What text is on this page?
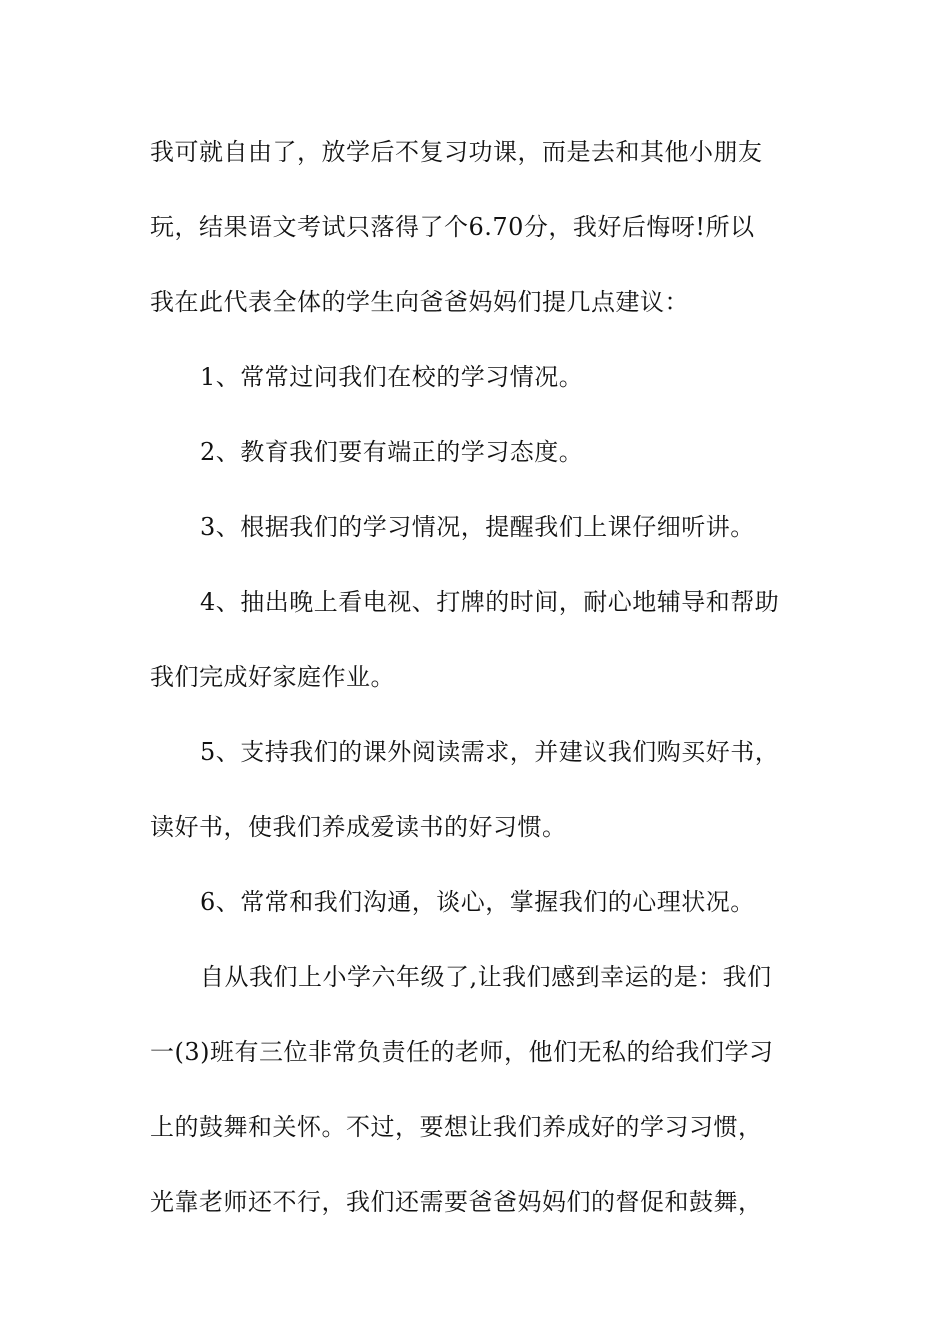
我可就自由了，放学后不复习功课，而是去和其他小朋友
玩，结果语文考试只落得了个6.70分，我好后悔呀!所以
我在此代表全体的学生向爸爸妈妈们提几点建议：
1、常常过问我们在校的学习情况。
2、教育我们要有端正的学习态度。
3、根据我们的学习情况，提醒我们上课仔细听讲。
4、抽出晚上看电视、打牌的时间，耐心地辅导和帮助
我们完成好家庭作业。
5、支持我们的课外阅读需求，并建议我们购买好书，
读好书，使我们养成爱读书的好习惯。
6、常常和我们沟通，谈心，掌握我们的心理状况。
自从我们上小学六年级了,让我们感到幸运的是：我们
一(3)班有三位非常负责任的老师，他们无私的给我们学习
上的鼓舞和关怀。不过，要想让我们养成好的学习习惯，
光靠老师还不行，我们还需要爸爸妈妈们的督促和鼓舞，
